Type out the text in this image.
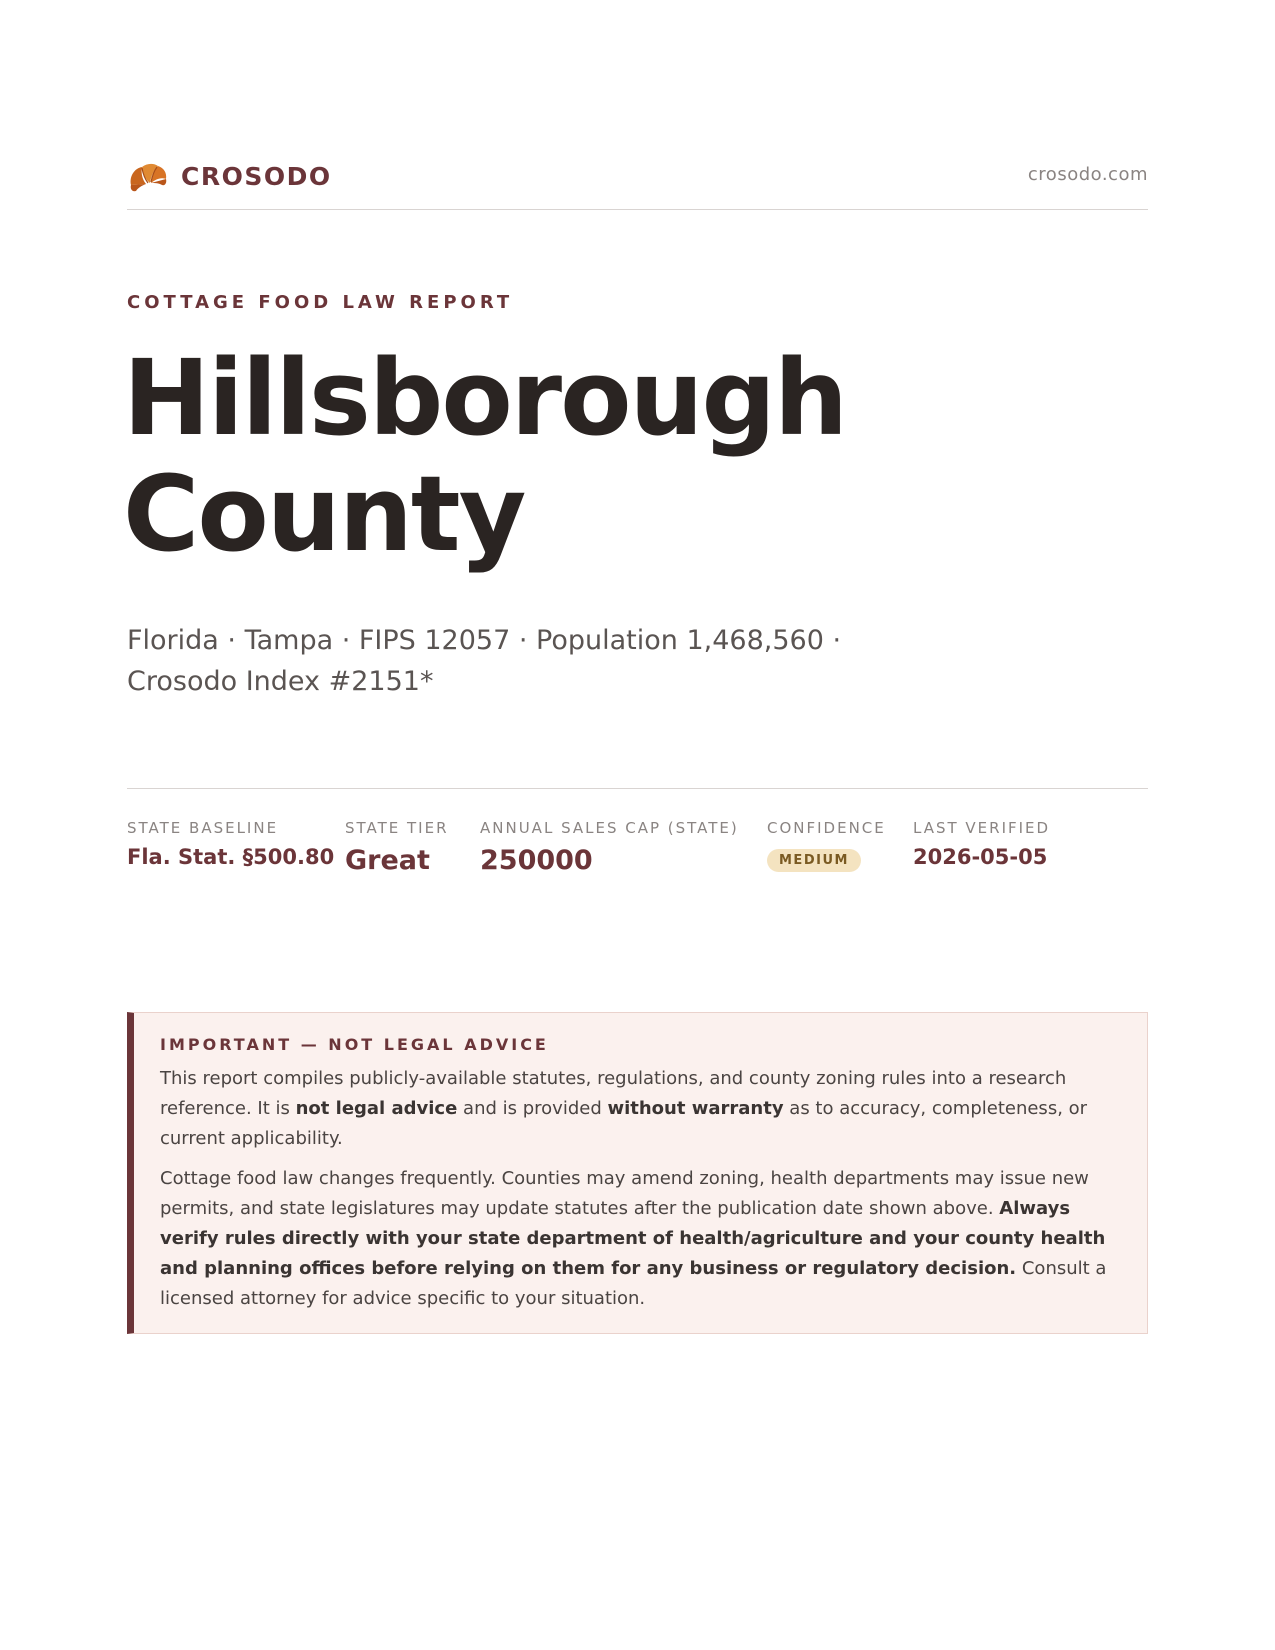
CROSODO	crosodo.com
COTTAGE FOOD LAW REPORT
Hillsborough
County
Florida · Tampa · FIPS 12057 · Population 1,468,560 ·
Crosodo Index #2151*
STATE BASELINE
Fla. Stat. §500.80
STATE TIER
Great
ANNUAL SALES CAP (STATE)
250000
CONFIDENCE
MEDIUM
LAST VERIFIED
2026-05-05
IMPORTANT — NOT LEGAL ADVICE

This report compiles publicly-available statutes, regulations, and county zoning rules into a research reference. It is not legal advice and is provided without warranty as to accuracy, completeness, or current applicability.

Cottage food law changes frequently. Counties may amend zoning, health departments may issue new permits, and state legislatures may update statutes after the publication date shown above. Always verify rules directly with your state department of health/agriculture and your county health and planning offices before relying on them for any business or regulatory decision. Consult a licensed attorney for advice specific to your situation.
